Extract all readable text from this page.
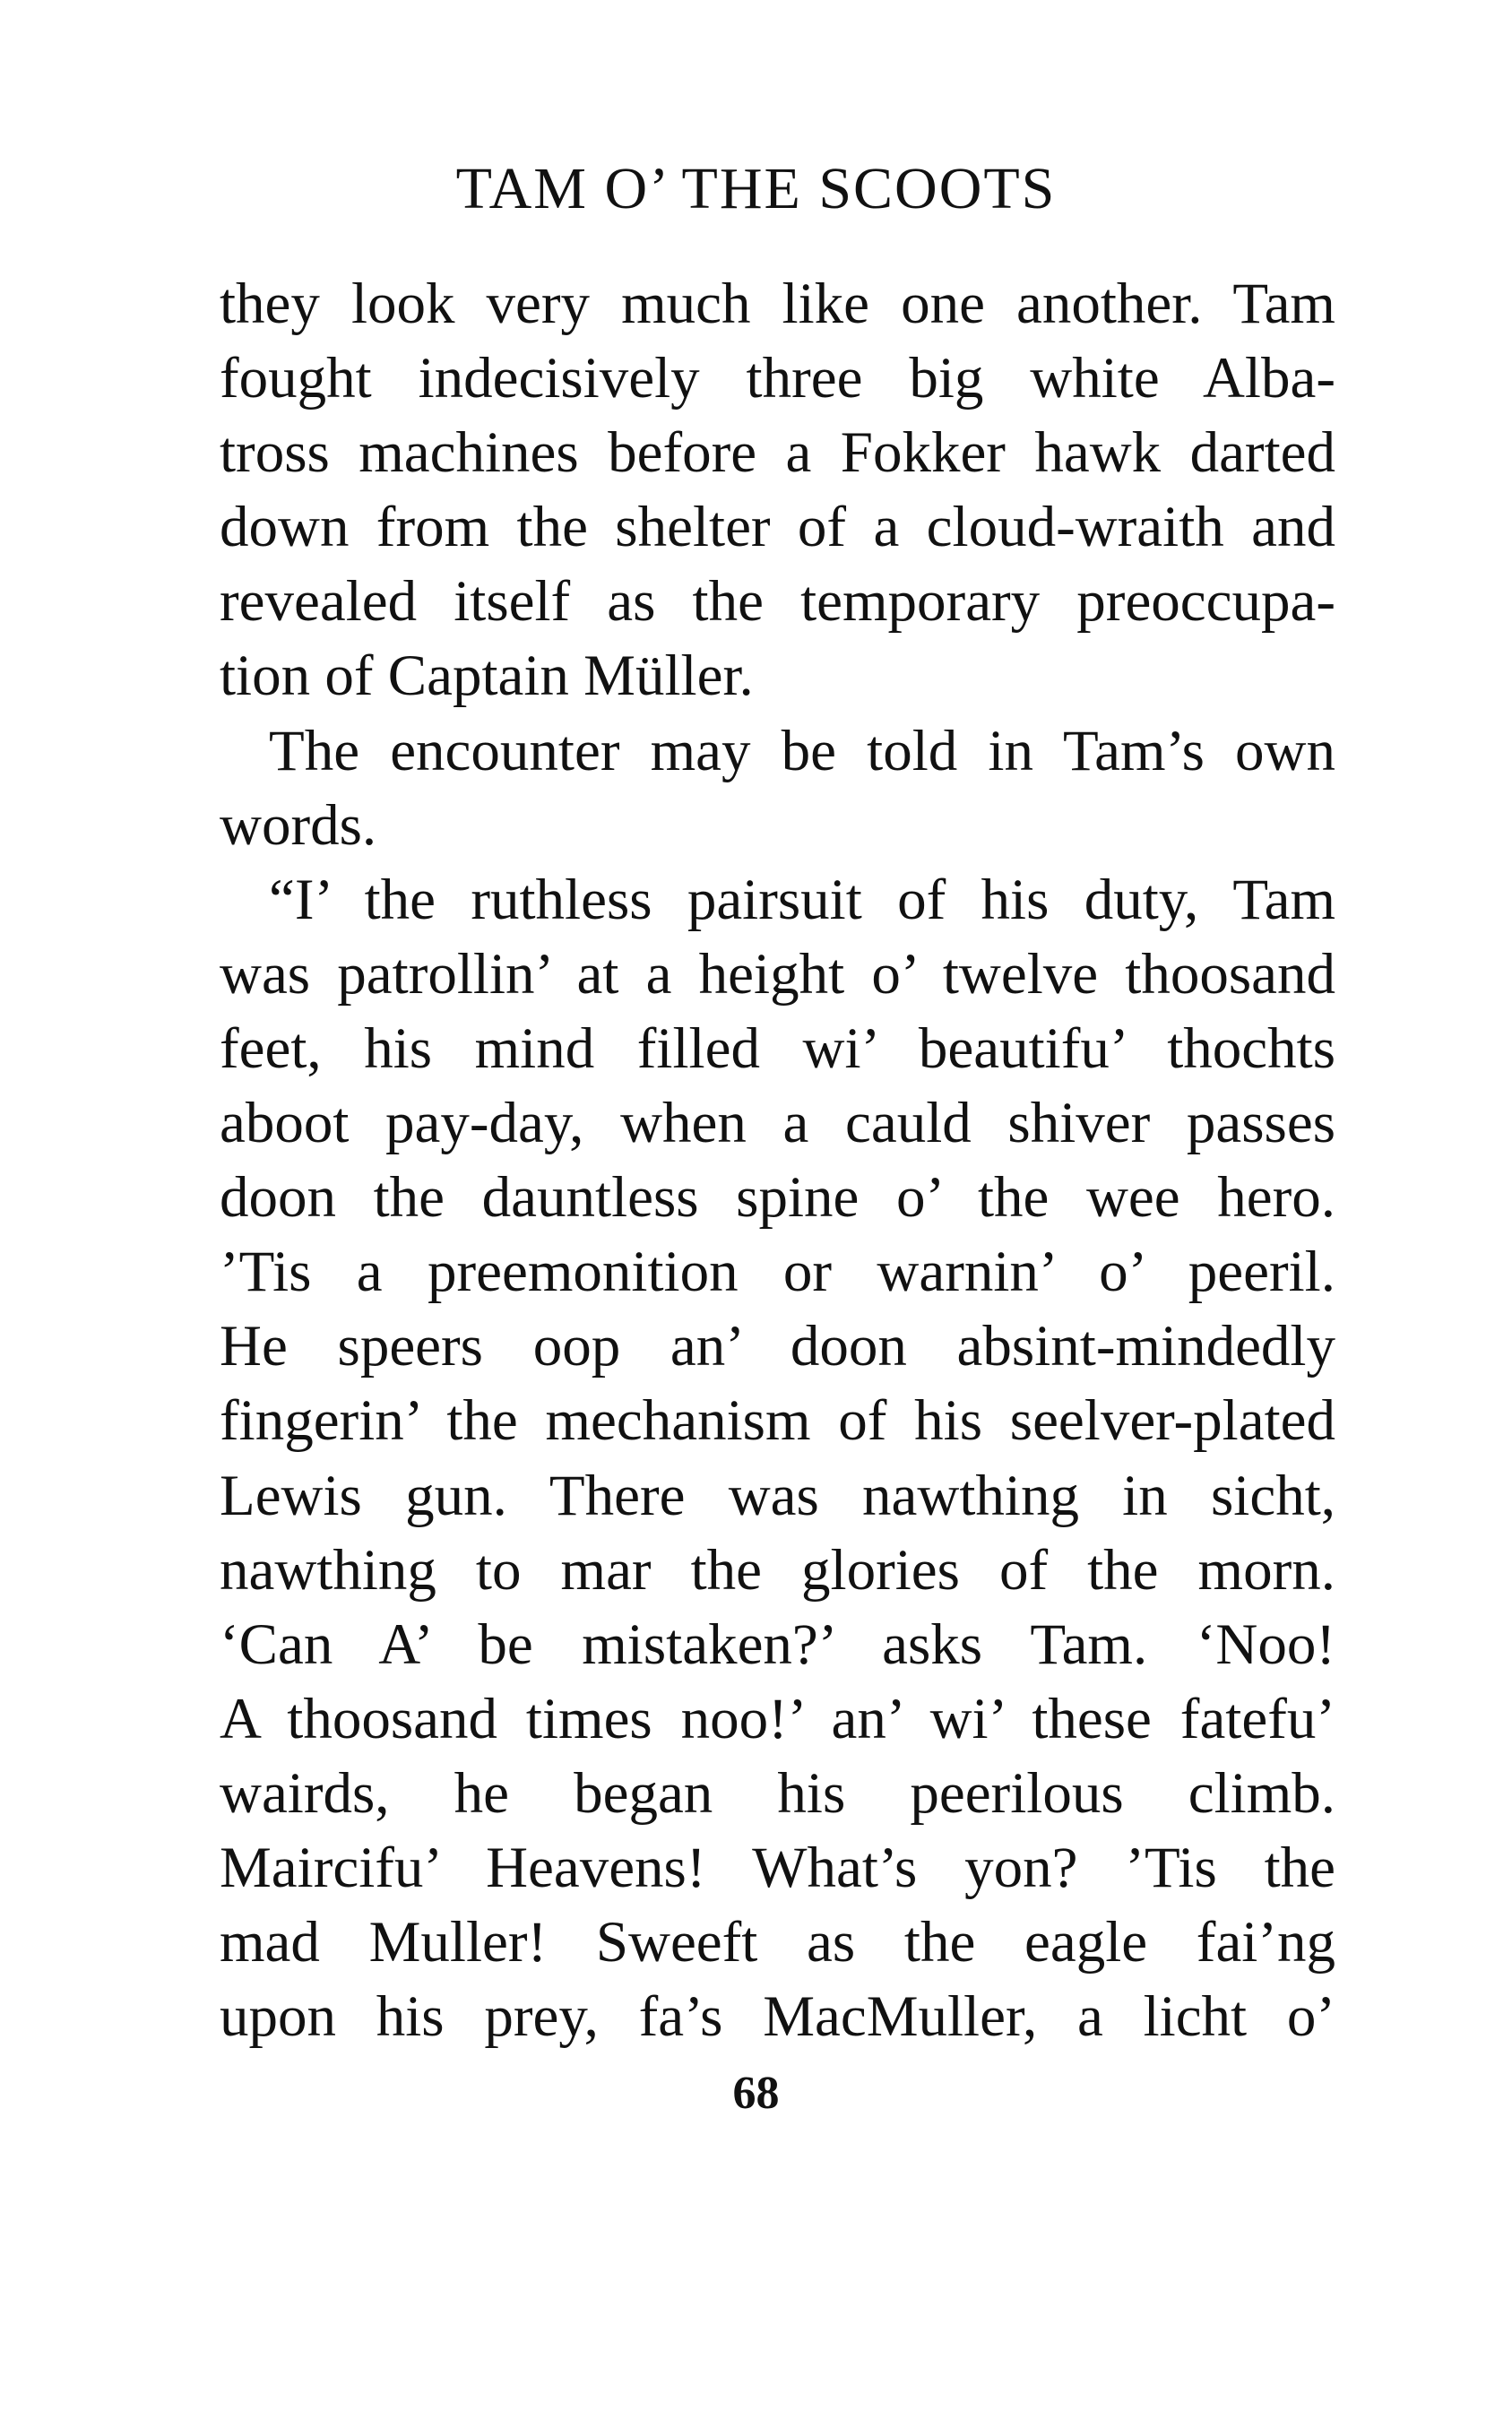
TAM O’ THE SCOOTS
they look very much like one another. Tam
fought indecisively three big white Alba-
tross machines before a Fokker hawk darted
down from the shelter of a cloud-wraith and
revealed itself as the temporary preoccupa-
tion of Captain Müller.
The encounter may be told in Tam’s own
words.
“I’ the ruthless pairsuit of his duty, Tam
was patrollin’ at a height o’ twelve thoosand
feet, his mind filled wi’ beautifu’ thochts
aboot pay-day, when a cauld shiver passes
doon the dauntless spine o’ the wee hero.
’Tis a preemonition or warnin’ o’ peeril.
He speers oop an’ doon absint-mindedly
fingerin’ the mechanism of his seelver-plated
Lewis gun. There was nawthing in sicht,
nawthing to mar the glories of the morn.
‘Can A’ be mistaken?’ asks Tam. ‘Noo!
A thoosand times noo!’ an’ wi’ these fatefu’
wairds, he began his peerilous climb.
Maircifu’ Heavens! What’s yon? ’Tis the
mad Muller! Sweeft as the eagle fai’ng
upon his prey, fa’s MacMuller, a licht o’
68
